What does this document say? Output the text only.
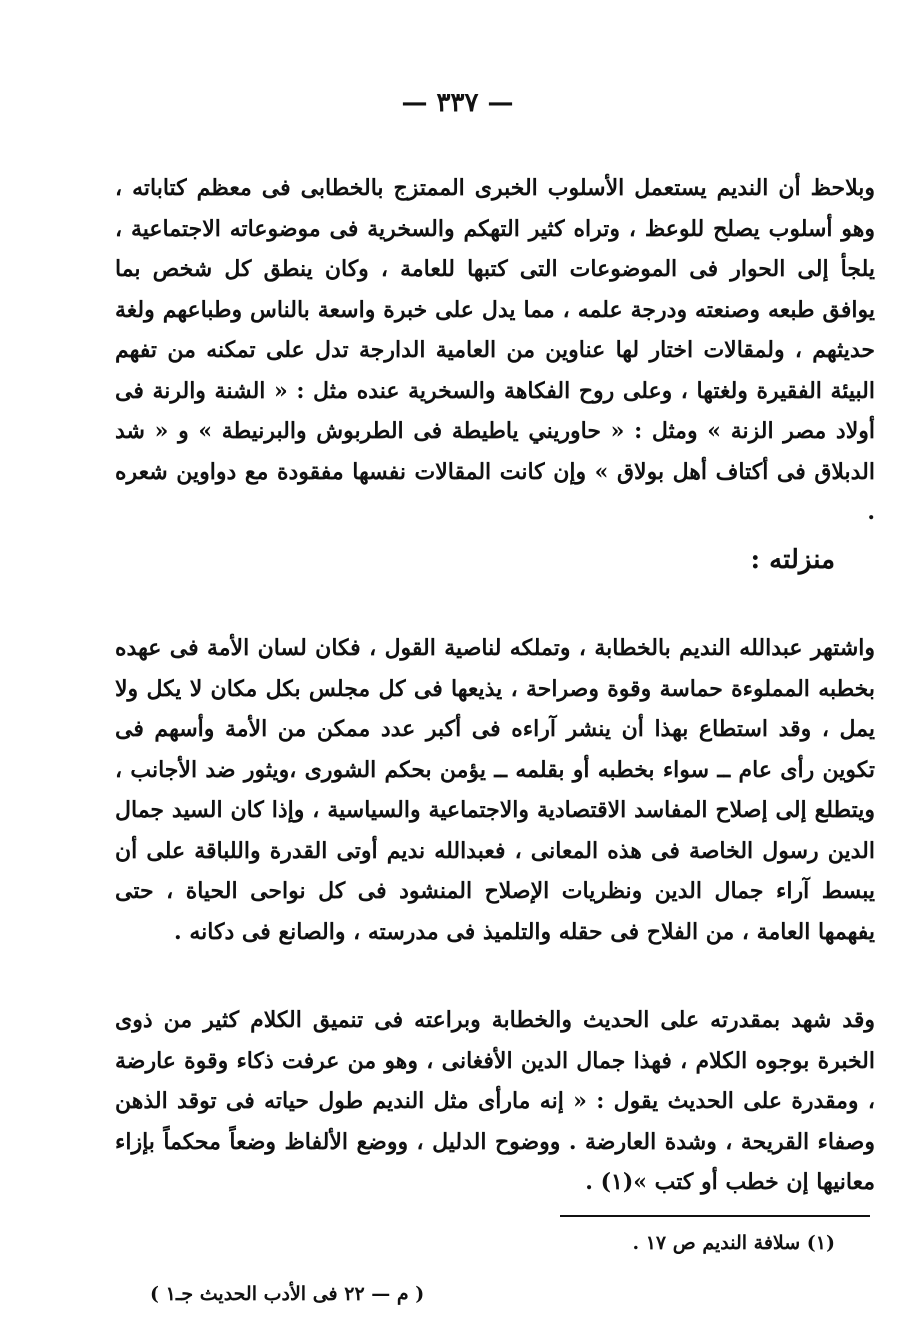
— ٣٣٧ —

وبلاحظ أن النديم يستعمل الأسلوب الخبرى الممتزج بالخطابى فى معظم كتاباته ، وهو أسلوب يصلح للوعظ ، وتراه كثير التهكم والسخرية فى موضوعاته الاجتماعية ، يلجأ إلى الحوار فى الموضوعات التى كتبها للعامة ، وكان ينطق كل شخص بما يوافق طبعه وصنعته ودرجة علمه ، مما يدل على خبرة واسعة بالناس وطباعهم ولغة حديثهم ، ولمقالات اختار لها عناوين من العامية الدارجة تدل على تمكنه من تفهم البيئة الفقيرة ولغتها ، وعلى روح الفكاهة والسخرية عنده مثل : « الشنة والرنة فى أولاد مصر الزنة » ومثل : « حاوريني ياطيطة فى الطربوش والبرنيطة » و « شد الدبلاق فى أكتاف أهل بولاق » وإن كانت المقالات نفسها مفقودة مع دواوين شعره .

منزلته :

واشتهر عبدالله النديم بالخطابة ، وتملكه لناصية القول ، فكان لسان الأمة فى عهده بخطبه المملوءة حماسة وقوة وصراحة ، يذيعها فى كل مجلس بكل مكان لا يكل ولا يمل ، وقد استطاع بهذا أن ينشر آراءه فى أكبر عدد ممكن من الأمة وأسهم فى تكوين رأى عام ــ سواء بخطبه أو بقلمه ــ يؤمن بحكم الشورى ،ويثور ضد الأجانب ، ويتطلع إلى إصلاح المفاسد الاقتصادية والاجتماعية والسياسية ، وإذا كان السيد جمال الدين رسول الخاصة فى هذه المعانى ، فعبدالله نديم أوتى القدرة واللباقة على أن يبسط آراء جمال الدين ونظريات الإصلاح المنشود فى كل نواحى الحياة ، حتى يفهمها العامة ، من الفلاح فى حقله والتلميذ فى مدرسته ، والصانع فى دكانه .

وقد شهد بمقدرته على الحديث والخطابة وبراعته فى تنميق الكلام كثير من ذوى الخبرة بوجوه الكلام ، فهذا جمال الدين الأفغانى ، وهو من عرفت ذكاء وقوة عارضة ، ومقدرة على الحديث يقول : « إنه مارأى مثل النديم طول حياته فى توقد الذهن وصفاء القريحة ، وشدة العارضة . ووضوح الدليل ، ووضع الألفاظ وضعاً محكماً بإزاء معانيها إن خطب أو كتب »(١) .

(١) سلافة النديم ص ١٧ .

( م — ٢٢ فى الأدب الحديث جـ١ )
